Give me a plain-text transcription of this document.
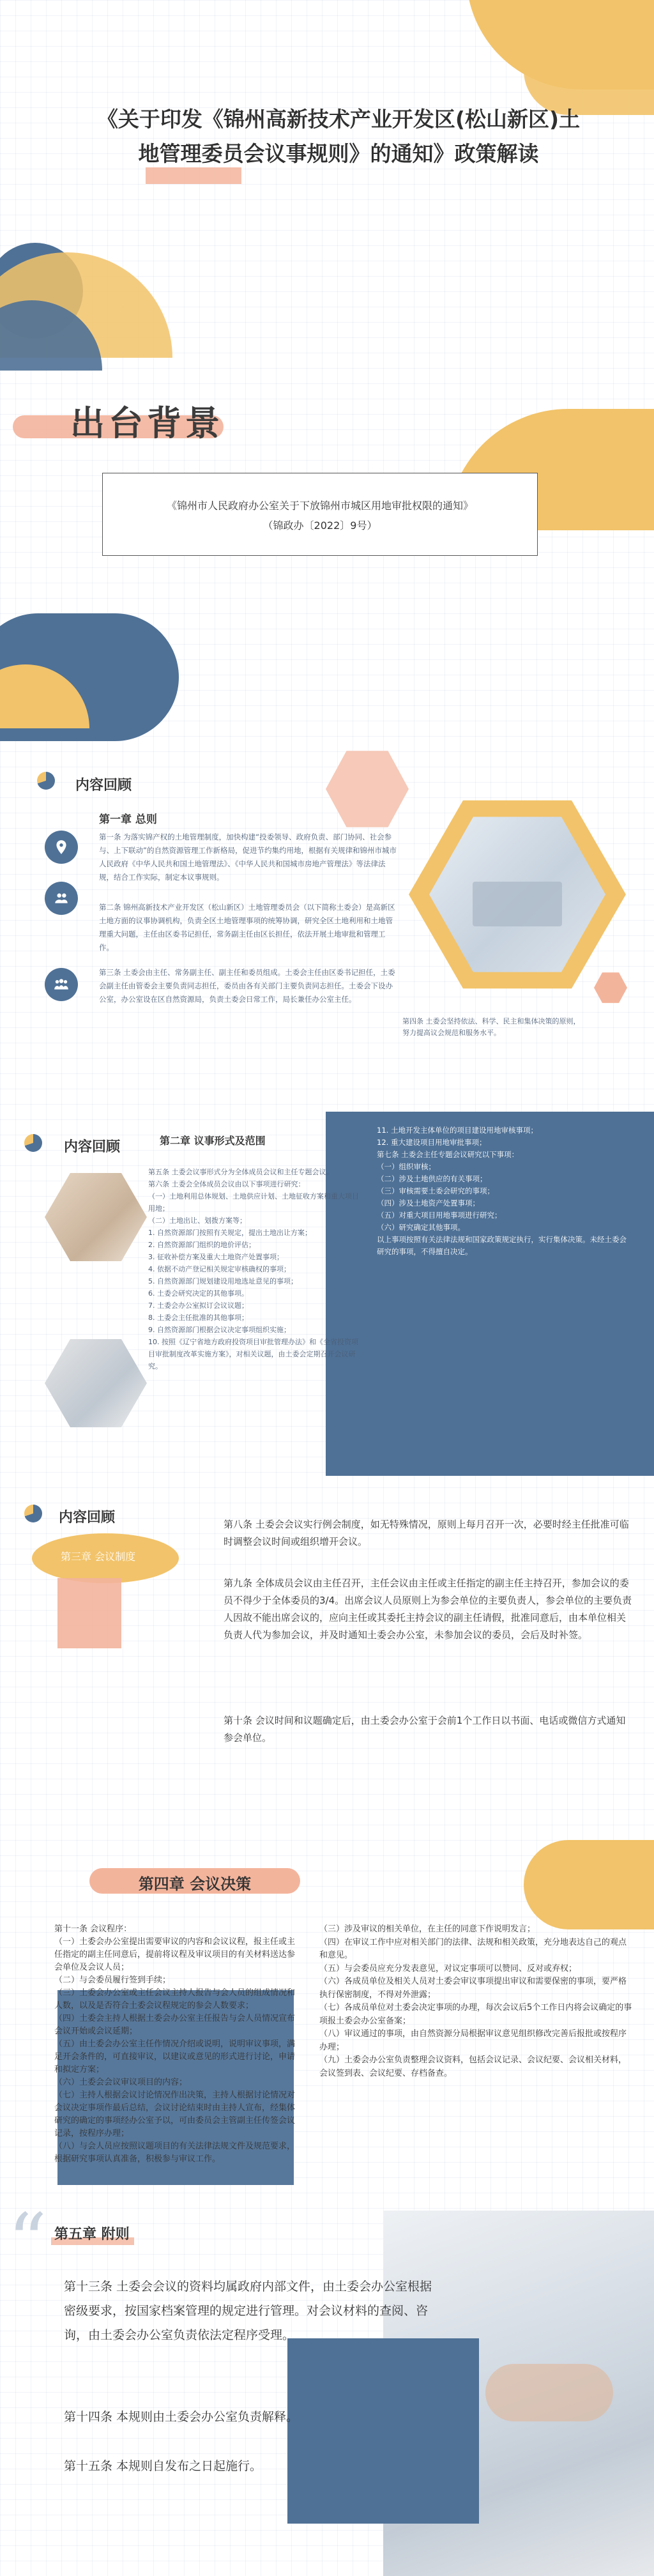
《关于印发《锦州高新技术产业开发区(松山新区)土地管理委员会议事规则》的通知》政策解读
出台背景
《锦州市人民政府办公室关于下放锦州市城区用地审批权限的通知》
（锦政办〔2022〕9号）
内容回顾
第一章 总则
第一条 为落实锦产权的土地管理制度，加快构建“投委领导、政府负责、部门协同、社会参与、上下联动”的自然资源管理工作新格局，促进节约集约用地，根据有关规律和锦州市城市人民政府《中华人民共和国土地管理法》、《中华人民共和国城市房地产管理法》等法律法规，结合工作实际，制定本议事规则。
第二条 锦州高新技术产业开发区（松山新区）土地管理委员会（以下简称土委会）是高新区土地方面的议事协调机构，负责全区土地管理事项的统筹协调，研究全区土地利用和土地管理重大问题，主任由区委书记担任，常务副主任由区长担任，依法开展土地审批和管理工作。
第三条 土委会由主任、常务副主任、副主任和委员组成。土委会主任由区委书记担任，土委会副主任由管委会主要负责同志担任，委员由各有关部门主要负责同志担任。土委会下设办公室，办公室设在区自然资源局，负责土委会日常工作，局长兼任办公室主任。
第四条 土委会坚持依法、科学、民主和集体决策的原则，努力提高议会规范和服务水平。
内容回顾	第二章 议事形式及范围
第五条 土委会议事形式分为全体成员会议和主任专题会议。
第六条 土委会全体成员会议由以下事项进行研究：
（一）土地利用总体规划、土地供应计划、土地征收方案和重大项目用地；
（二）土地出让、划拨方案等；
1. 自然资源部门按照有关规定，提出土地出让方案；
2. 自然资源部门组织的地价评估；
3. 征收补偿方案及重大土地资产处置事项；
4. 依据不动产登记相关规定审核确权的事项；
5. 自然资源部门规划建设用地选址意见的事项；
6. 土委会研究决定的其他事项。
7. 土委会办公室拟订会议议题；
8. 土委会主任批准的其他事项；
9. 自然资源部门根据会议决定事项组织实施；
10. 按照《辽宁省地方政府投资项目审批管理办法》和《全省投资项目审批制度改革实施方案》，对相关议题，由土委会定期召开会议研究。
11. 土地开发主体单位的项目建设用地审核事项；
12. 重大建设项目用地审批事项；
第七条 土委会主任专题会议研究以下事项：
（一）组织审核；
（二）涉及土地供应的有关事项；
（三）审核需要土委会研究的事项；
（四）涉及土地资产处置事项；
（五）对重大项目用地事项进行研究；
（六）研究确定其他事项。
以上事项按照有关法律法规和国家政策规定执行，实行集体决策。未经土委会研究的事项，不得擅自决定。
内容回顾
第三章 会议制度
第八条 土委会会议实行例会制度，如无特殊情况，原则上每月召开一次，必要时经主任批准可临时调整会议时间或组织增开会议。
第九条 全体成员会议由主任召开，主任会议由主任或主任指定的副主任主持召开，参加会议的委员不得少于全体委员的3/4。出席会议人员原则上为参会单位的主要负责人，参会单位的主要负责人因故不能出席会议的，应向主任或其委托主持会议的副主任请假，批准同意后，由本单位相关负责人代为参加会议，并及时通知土委会办公室，未参加会议的委员，会后及时补签。
第十条 会议时间和议题确定后，由土委会办公室于会前1个工作日以书面、电话或微信方式通知参会单位。
第四章 会议决策
第十一条 会议程序：
（一）土委会办公室提出需要审议的内容和会议议程，报主任或主任指定的副主任同意后，提前将议程及审议项目的有关材料送达参会单位及会议人员；
（二）与会委员履行签到手续；
（三）土委会办公室或主任会议主持人报告与会人员的组成情况和人数，以及是否符合土委会议程规定的参会人数要求；
（四）土委会主持人根据土委会办公室主任报告与会人员情况宣布会议开始或会议延期；
（五）由土委会办公室主任作情况介绍或说明，说明审议事项，满足开会条件的，可直接审议，以建议或意见的形式进行讨论，申请和拟定方案；
（六）土委会会议审议项目的内容；
（七）主持人根据会议讨论情况作出决策，主持人根据讨论情况对会议决定事项作最后总结，会议讨论结束时由主持人宣布，经集体研究的确定的事项经办公室予以，可由委员会主管副主任传签会议记录，按程序办理；
（八）与会人员应按照议题项目的有关法律法规文件及规范要求，根据研究事项认真准备，积极参与审议工作。
（三）涉及审议的相关单位，在主任的同意下作说明发言；
（四）在审议工作中应对相关部门的法律、法规和相关政策，充分地表达自己的观点和意见。
（五）与会委员应充分发表意见，对议定事项可以赞同、反对或弃权；
（六）各成员单位及相关人员对土委会审议事项提出审议和需要保密的事项，要严格执行保密制度，不得对外泄露；
（七）各成员单位对土委会决定事项的办理，每次会议后5个工作日内将会议确定的事项报土委会办公室备案；
（八）审议通过的事项，由自然资源分局根据审议意见组织修改完善后报批或按程序办理；
（九）土委会办公室负责整理会议资料，包括会议记录、会议纪要、会议相关材料，会议签到表、会议纪要、存档备查。
“ 第五章 附则
第十三条 土委会会议的资料均属政府内部文件，由土委会办公室根据密级要求，按国家档案管理的规定进行管理。对会议材料的查阅、咨询，由土委会办公室负责依法定程序受理。
第十四条 本规则由土委会办公室负责解释。
第十五条 本规则自发布之日起施行。
